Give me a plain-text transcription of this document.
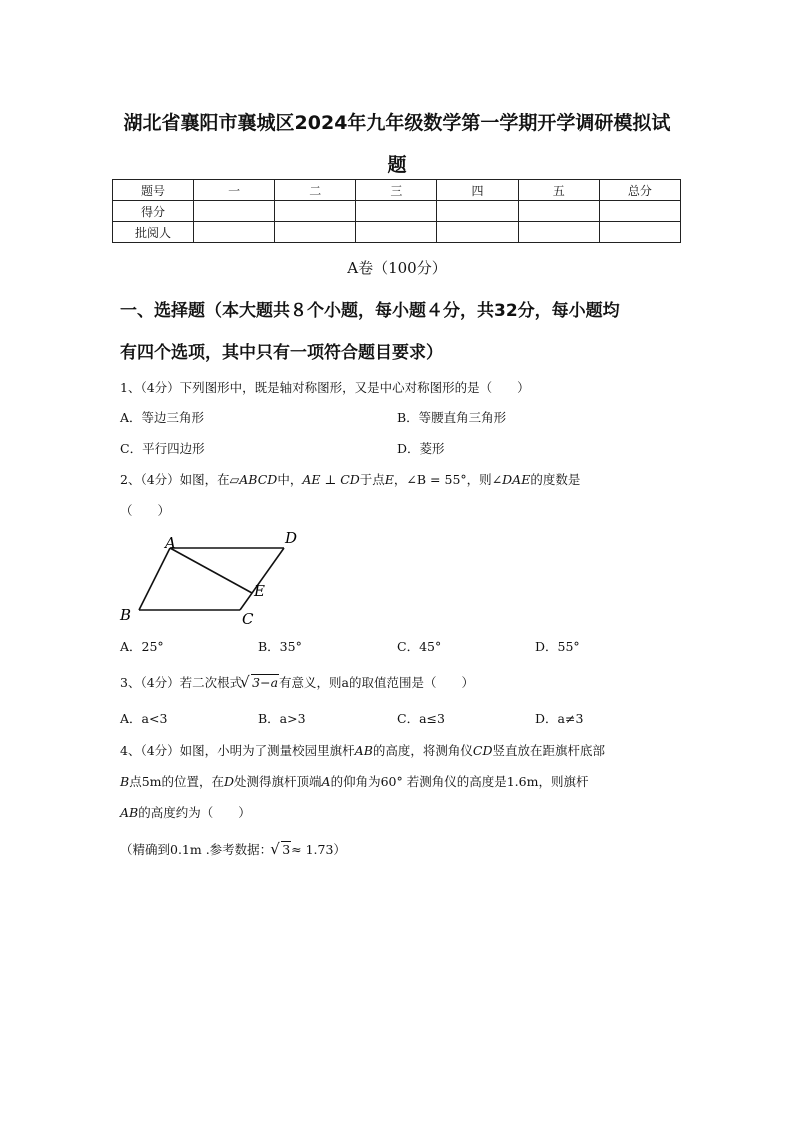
湖北省襄阳市襄城区2024年九年级数学第一学期开学调研模拟试
题
题号	一	二	三	四	五	总分
得分						
批阅人						
A卷（100分）
一、选择题（本大题共８个小题，每小题４分，共32分，每小题均
有四个选项，其中只有一项符合题目要求）
1、（4分）下列图形中，既是轴对称图形，又是中心对称图形的是（　　）
A．等边三角形	B．等腰直角三角形
C．平行四边形	D．菱形
2、（4分）如图，在▱ABCD中，AE ⊥ CD于点E，∠B = 55°，则∠DAE的度数是
（　　）
A	D
E
B	C
A．25°	B．35°	C．45°	D．55°
3、（4分）若二次根式 √ 3−a有意义，则a的取值范围是（　　）
A．a<3	B．a>3	C．a≤3	D．a≠3
4、（4分）如图，小明为了测量校园里旗杆AB的高度，将测角仪CD竖直放在距旗杆底部
B点5m的位置，在D处测得旗杆顶端A的仰角为60° 若测角仪的高度是1.6m，则旗杆
AB的高度约为（　　）
（精确到0.1m .参考数据： √ 3≈ 1.73）
